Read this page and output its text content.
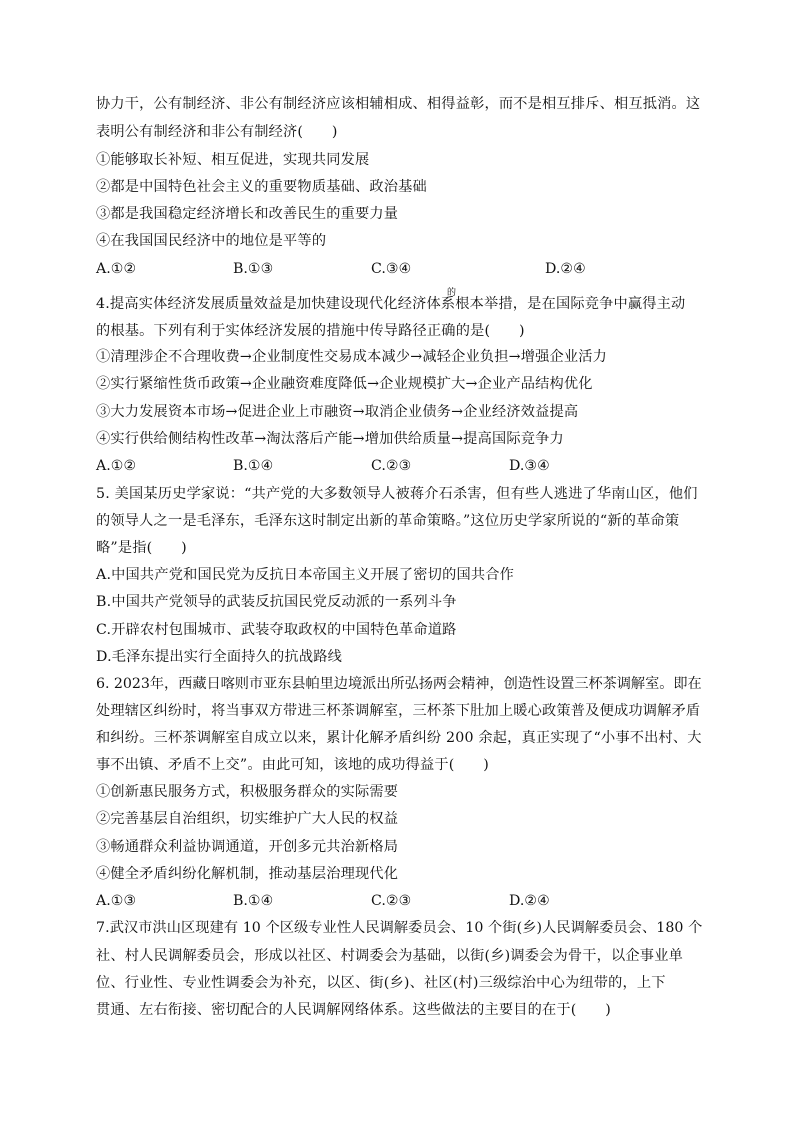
协力干，公有制经济、非公有制经济应该相辅相成、相得益彰，而不是相互排斥、相互抵消。这
表明公有制经济和非公有制经济(　　)
①能够取长补短、相互促进，实现共同发展
②都是中国特色社会主义的重要物质基础、政治基础
③都是我国稳定经济增长和改善民生的重要力量
④在我国国民经济中的地位是平等的
A.①②	B.①③	C.③④	D.②④
的
4.提高实体经济发展质量效益是加快建设现代化经济体系根本举措，是在国际竞争中赢得主动
的根基。下列有利于实体经济发展的措施中传导路径正确的是(　　)
①清理涉企不合理收费→企业制度性交易成本减少→减轻企业负担→增强企业活力
②实行紧缩性货币政策→企业融资难度降低→企业规模扩大→企业产品结构优化
③大力发展资本市场→促进企业上市融资→取消企业债务→企业经济效益提高
④实行供给侧结构性改革→淘汰落后产能→增加供给质量→提高国际竞争力
A.①②	B.①④	C.②③	D.③④
5. 美国某历史学家说：“共产党的大多数领导人被蒋介石杀害，但有些人逃进了华南山区，他们
的领导人之一是毛泽东，毛泽东这时制定出新的革命策略。”这位历史学家所说的“新的革命策
略”是指(　　)
A.中国共产党和国民党为反抗日本帝国主义开展了密切的国共合作
B.中国共产党领导的武装反抗国民党反动派的一系列斗争
C.开辟农村包围城市、武装夺取政权的中国特色革命道路
D.毛泽东提出实行全面持久的抗战路线
6. 2023年，西藏日喀则市亚东县帕里边境派出所弘扬两会精神，创造性设置三杯茶调解室。即在
处理辖区纠纷时，将当事双方带进三杯茶调解室，三杯茶下肚加上暖心政策普及便成功调解矛盾
和纠纷。三杯茶调解室自成立以来，累计化解矛盾纠纷 200 余起，真正实现了“小事不出村、大
事不出镇、矛盾不上交”。由此可知，该地的成功得益于(　　)
①创新惠民服务方式，积极服务群众的实际需要
②完善基层自治组织，切实维护广大人民的权益
③畅通群众利益协调通道，开创多元共治新格局
④健全矛盾纠纷化解机制，推动基层治理现代化
A.①③	B.①④	C.②③	D.②④
7.武汉市洪山区现建有 10 个区级专业性人民调解委员会、10 个街(乡)人民调解委员会、180 个
社、村人民调解委员会，形成以社区、村调委会为基础，以街(乡)调委会为骨干，以企事业单
位、行业性、专业性调委会为补充，以区、街(乡)、社区(村)三级综治中心为纽带的，上下
贯通、左右衔接、密切配合的人民调解网络体系。这些做法的主要目的在于(　　)
